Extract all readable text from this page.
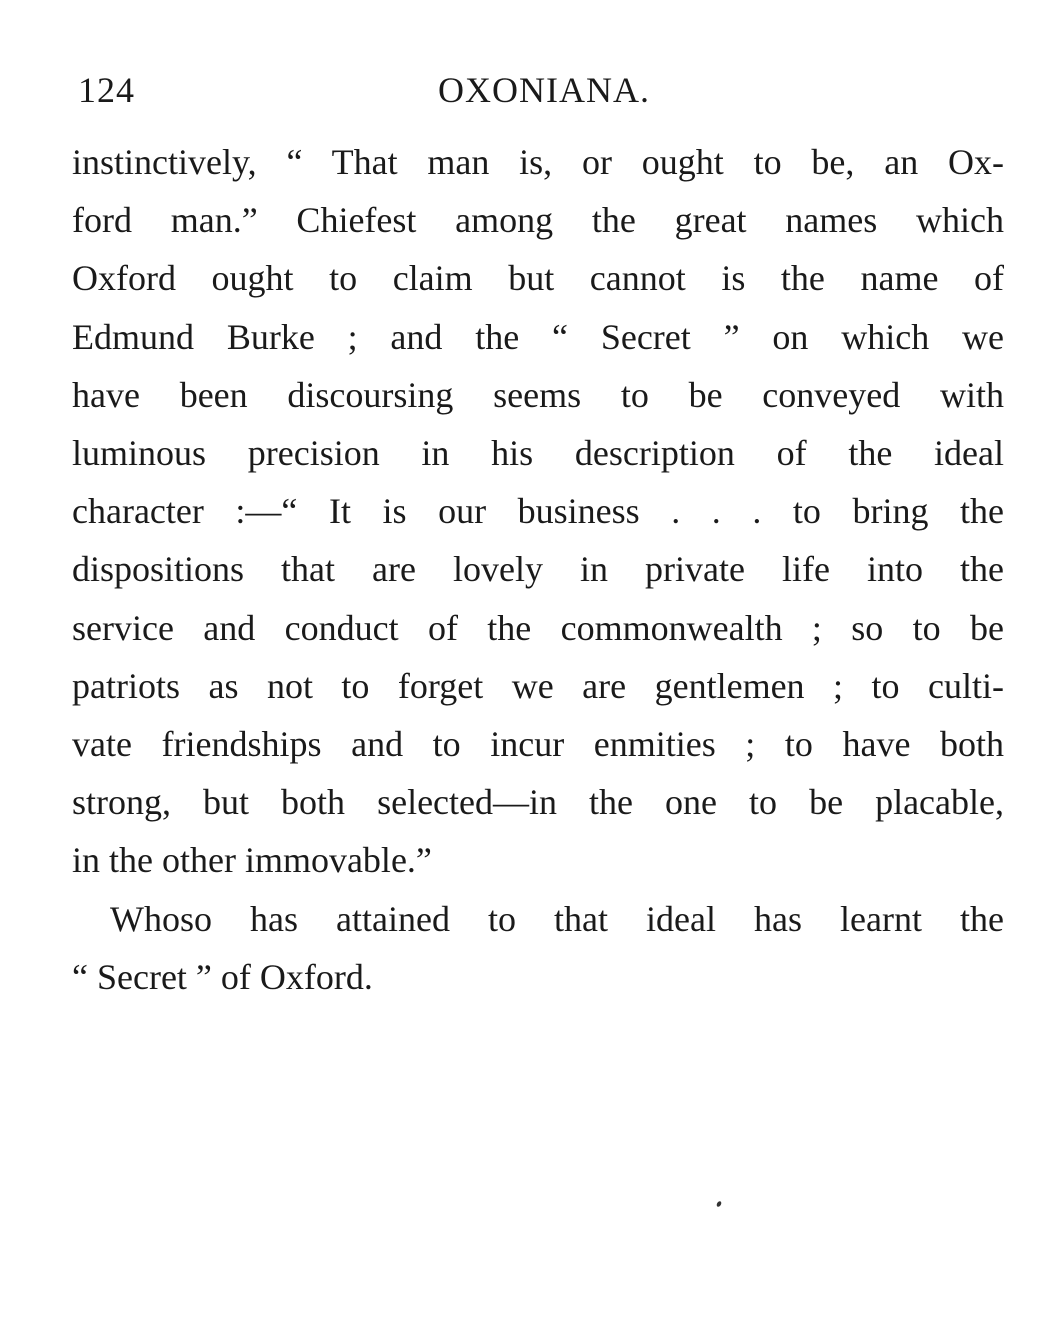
124	OXONIANA.
instinctively, “ That man is, or ought to be, an Ox-
ford man.” Chiefest among the great names which
Oxford ought to claim but cannot is the name of
Edmund Burke ; and the “ Secret ” on which we
have been discoursing seems to be conveyed with
luminous precision in his description of the ideal
character :—“ It is our business . . . to bring the
dispositions that are lovely in private life into the
service and conduct of the commonwealth ; so to be
patriots as not to forget we are gentlemen ; to culti-
vate friendships and to incur enmities ; to have both
strong, but both selected—in the one to be placable,
in the other immovable.”
Whoso has attained to that ideal has learnt the
“ Secret ” of Oxford.
